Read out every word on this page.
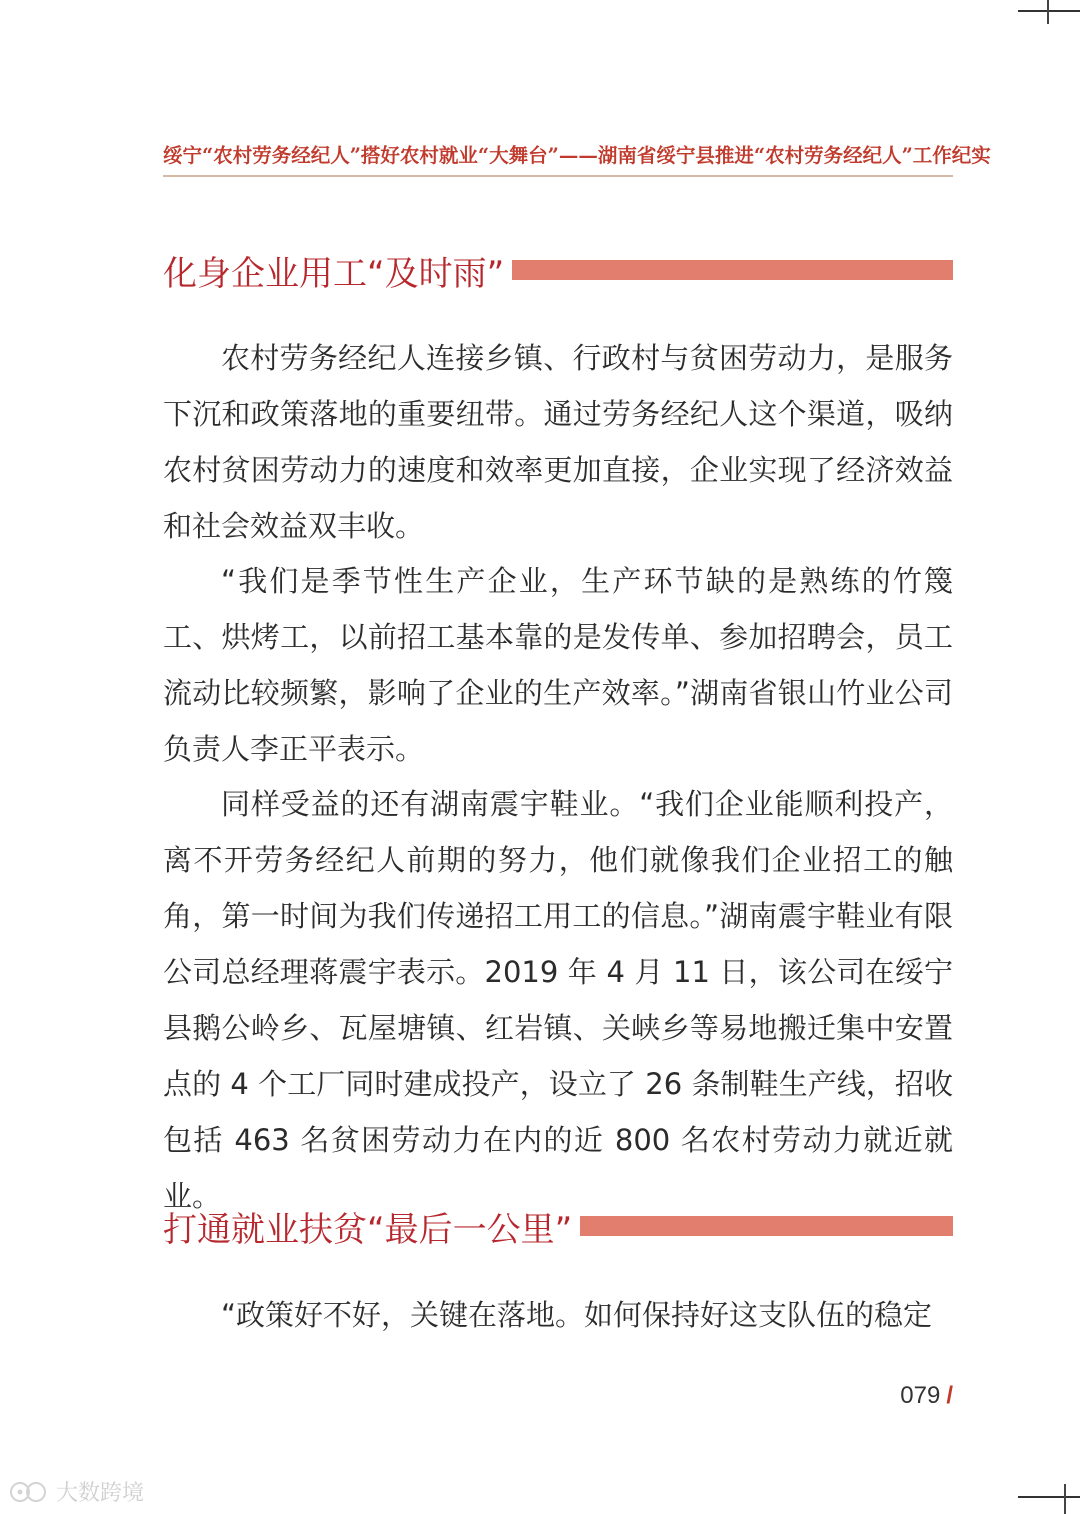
绥宁“农村劳务经纪人”搭好农村就业“大舞台”——湖南省绥宁县推进“农村劳务经纪人”工作纪实
化身企业用工“及时雨”
农村劳务经纪人连接乡镇、行政村与贫困劳动力，是服务下沉和政策落地的重要纽带。通过劳务经纪人这个渠道，吸纳农村贫困劳动力的速度和效率更加直接，企业实现了经济效益和社会效益双丰收。
“我们是季节性生产企业，生产环节缺的是熟练的竹篾工、烘烤工，以前招工基本靠的是发传单、参加招聘会，员工流动比较频繁，影响了企业的生产效率。”湖南省银山竹业公司负责人李正平表示。
同样受益的还有湖南震宇鞋业。“我们企业能顺利投产，离不开劳务经纪人前期的努力，他们就像我们企业招工的触角，第一时间为我们传递招工用工的信息。”湖南震宇鞋业有限公司总经理蒋震宇表示。2019 年 4 月 11 日，该公司在绥宁县鹅公岭乡、瓦屋塘镇、红岩镇、关峡乡等易地搬迁集中安置点的 4 个工厂同时建成投产，设立了 26 条制鞋生产线，招收包括 463 名贫困劳动力在内的近 800 名农村劳动力就近就业。
打通就业扶贫“最后一公里”
“政策好不好，关键在落地。如何保持好这支队伍的稳定
079 /
大数跨境
